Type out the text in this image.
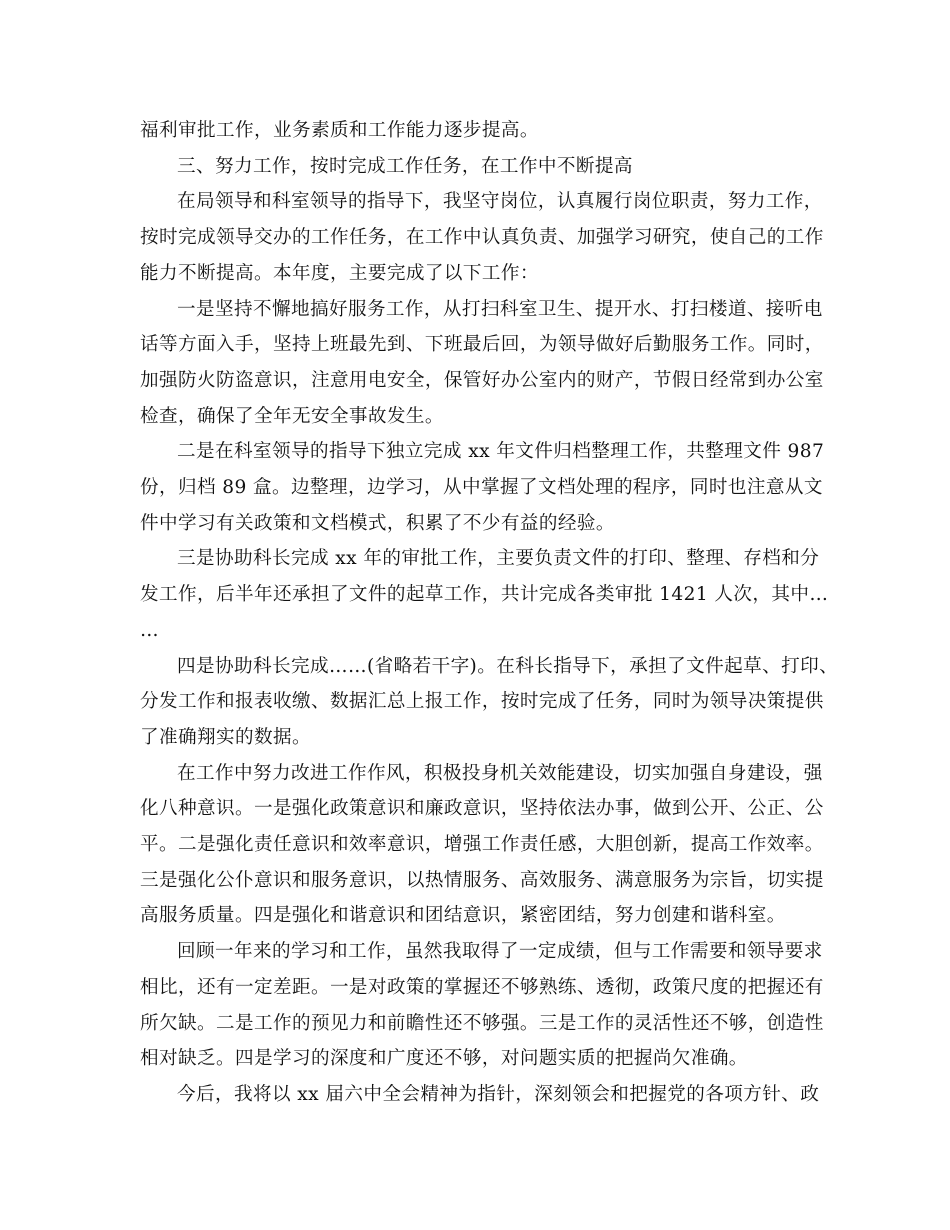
福利审批工作，业务素质和工作能力逐步提高。
三、努力工作，按时完成工作任务，在工作中不断提高
在局领导和科室领导的指导下，我坚守岗位，认真履行岗位职责，努力工作，
按时完成领导交办的工作任务，在工作中认真负责、加强学习研究，使自己的工作
能力不断提高。本年度，主要完成了以下工作：
一是坚持不懈地搞好服务工作，从打扫科室卫生、提开水、打扫楼道、接听电
话等方面入手，坚持上班最先到、下班最后回，为领导做好后勤服务工作。同时，
加强防火防盗意识，注意用电安全，保管好办公室内的财产，节假日经常到办公室
检查，确保了全年无安全事故发生。
二是在科室领导的指导下独立完成 xx 年文件归档整理工作，共整理文件 987
份，归档 89 盒。边整理，边学习，从中掌握了文档处理的程序，同时也注意从文
件中学习有关政策和文档模式，积累了不少有益的经验。
三是协助科长完成 xx 年的审批工作，主要负责文件的打印、整理、存档和分
发工作，后半年还承担了文件的起草工作，共计完成各类审批 1421 人次，其中…
…
四是协助科长完成……(省略若干字)。在科长指导下，承担了文件起草、打印、
分发工作和报表收缴、数据汇总上报工作，按时完成了任务，同时为领导决策提供
了准确翔实的数据。
在工作中努力改进工作作风，积极投身机关效能建设，切实加强自身建设，强
化八种意识。一是强化政策意识和廉政意识，坚持依法办事，做到公开、公正、公
平。二是强化责任意识和效率意识，增强工作责任感，大胆创新，提高工作效率。
三是强化公仆意识和服务意识，以热情服务、高效服务、满意服务为宗旨，切实提
高服务质量。四是强化和谐意识和团结意识，紧密团结，努力创建和谐科室。
回顾一年来的学习和工作，虽然我取得了一定成绩，但与工作需要和领导要求
相比，还有一定差距。一是对政策的掌握还不够熟练、透彻，政策尺度的把握还有
所欠缺。二是工作的预见力和前瞻性还不够强。三是工作的灵活性还不够，创造性
相对缺乏。四是学习的深度和广度还不够，对问题实质的把握尚欠准确。
今后，我将以 xx 届六中全会精神为指针，深刻领会和把握党的各项方针、政
